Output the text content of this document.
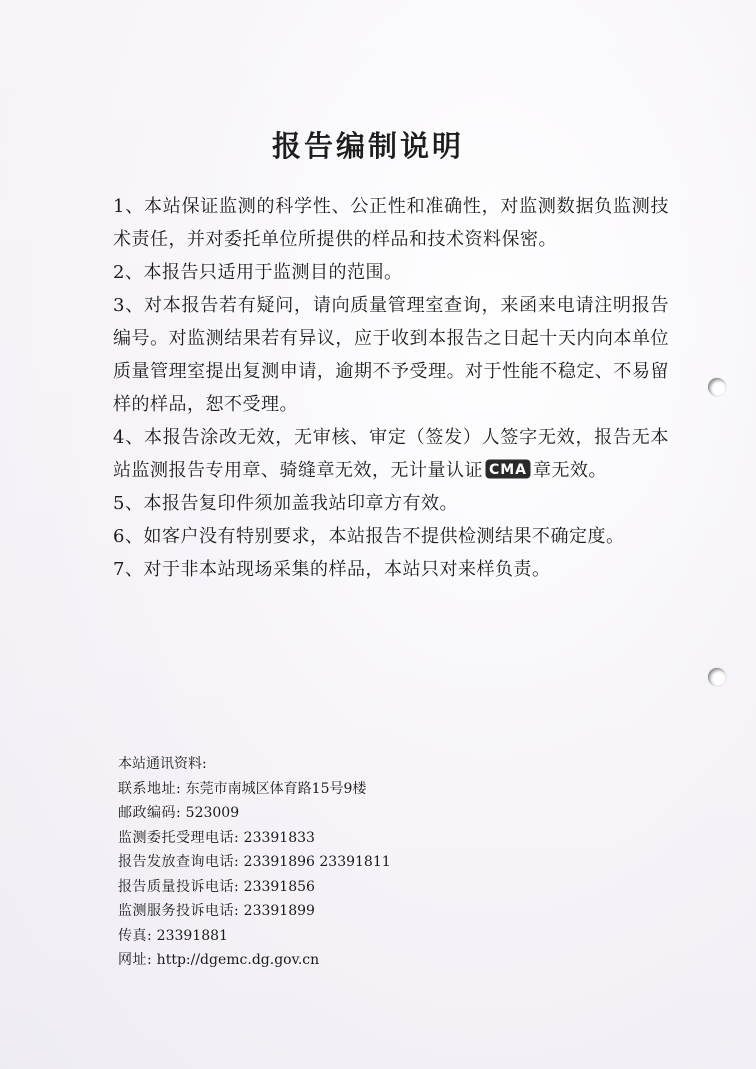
报告编制说明

1、本站保证监测的科学性、公正性和准确性，对监测数据负监测技术责任，并对委托单位所提供的样品和技术资料保密。

2、本报告只适用于监测目的范围。

3、对本报告若有疑问，请向质量管理室查询，来函来电请注明报告编号。对监测结果若有异议，应于收到本报告之日起十天内向本单位质量管理室提出复测申请，逾期不予受理。对于性能不稳定、不易留样的样品，恕不受理。

4、本报告涂改无效，无审核、审定（签发）人签字无效，报告无本站监测报告专用章、骑缝章无效，无计量认证 CMA 章无效。

5、本报告复印件须加盖我站印章方有效。

6、如客户没有特别要求，本站报告不提供检测结果不确定度。

7、对于非本站现场采集的样品，本站只对来样负责。

本站通讯资料:

联系地址: 东莞市南城区体育路15号9楼

邮政编码: 523009

监测委托受理电话: 23391833

报告发放查询电话: 23391896 23391811

报告质量投诉电话: 23391856

监测服务投诉电话: 23391899

传真: 23391881

网址: http://dgemc.dg.gov.cn
